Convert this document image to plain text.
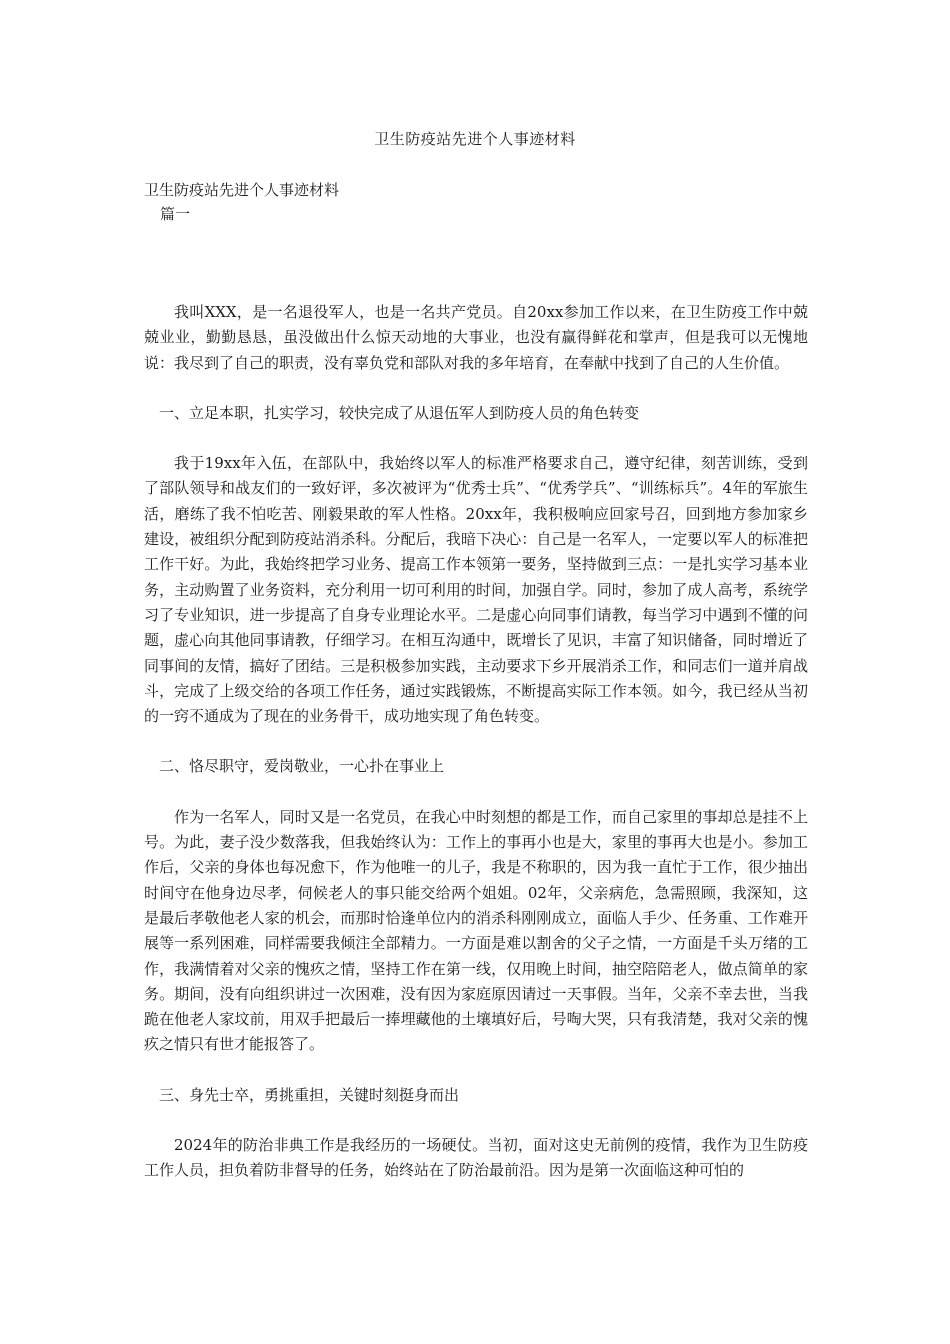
卫生防疫站先进个人事迹材料
卫生防疫站先进个人事迹材料
篇一

我叫XXX，是一名退役军人，也是一名共产党员。自20xx参加工作以来，在卫生防疫工作中兢兢业业，勤勤恳恳，虽没做出什么惊天动地的大事业，也没有赢得鲜花和掌声，但是我可以无愧地说：我尽到了自己的职责，没有辜负党和部队对我的多年培育，在奉献中找到了自己的人生价值。

一、立足本职，扎实学习，较快完成了从退伍军人到防疫人员的角色转变

我于19xx年入伍，在部队中，我始终以军人的标准严格要求自己，遵守纪律，刻苦训练，受到了部队领导和战友们的一致好评，多次被评为“优秀士兵”、“优秀学兵”、“训练标兵”。4年的军旅生活，磨练了我不怕吃苦、刚毅果敢的军人性格。20xx年，我积极响应回家号召，回到地方参加家乡建设，被组织分配到防疫站消杀科。分配后，我暗下决心：自己是一名军人，一定要以军人的标准把工作干好。为此，我始终把学习业务、提高工作本领第一要务，坚持做到三点：一是扎实学习基本业务，主动购置了业务资料，充分利用一切可利用的时间，加强自学。同时，参加了成人高考，系统学习了专业知识，进一步提高了自身专业理论水平。二是虚心向同事们请教，每当学习中遇到不懂的问题，虚心向其他同事请教，仔细学习。在相互沟通中，既增长了见识，丰富了知识储备，同时增近了同事间的友情，搞好了团结。三是积极参加实践，主动要求下乡开展消杀工作，和同志们一道并肩战斗，完成了上级交给的各项工作任务，通过实践锻炼，不断提高实际工作本领。如今，我已经从当初的一窍不通成为了现在的业务骨干，成功地实现了角色转变。

二、恪尽职守，爱岗敬业，一心扑在事业上

作为一名军人，同时又是一名党员，在我心中时刻想的都是工作，而自己家里的事却总是挂不上号。为此，妻子没少数落我，但我始终认为：工作上的事再小也是大，家里的事再大也是小。参加工作后，父亲的身体也每况愈下，作为他唯一的儿子，我是不称职的，因为我一直忙于工作，很少抽出时间守在他身边尽孝，伺候老人的事只能交给两个姐姐。02年，父亲病危，急需照顾，我深知，这是最后孝敬他老人家的机会，而那时恰逢单位内的消杀科刚刚成立，面临人手少、任务重、工作难开展等一系列困难，同样需要我倾注全部精力。一方面是难以割舍的父子之情，一方面是千头万绪的工作，我满情着对父亲的愧疚之情，坚持工作在第一线，仅用晚上时间，抽空陪陪老人，做点简单的家务。期间，没有向组织讲过一次困难，没有因为家庭原因请过一天事假。当年，父亲不幸去世，当我跪在他老人家坟前，用双手把最后一捧埋藏他的土壤填好后，号啕大哭，只有我清楚，我对父亲的愧疚之情只有世才能报答了。

三、身先士卒，勇挑重担，关键时刻挺身而出

2024年的防治非典工作是我经历的一场硬仗。当初，面对这史无前例的疫情，我作为卫生防疫工作人员，担负着防非督导的任务，始终站在了防治最前沿。因为是第一次面临这种可怕的
